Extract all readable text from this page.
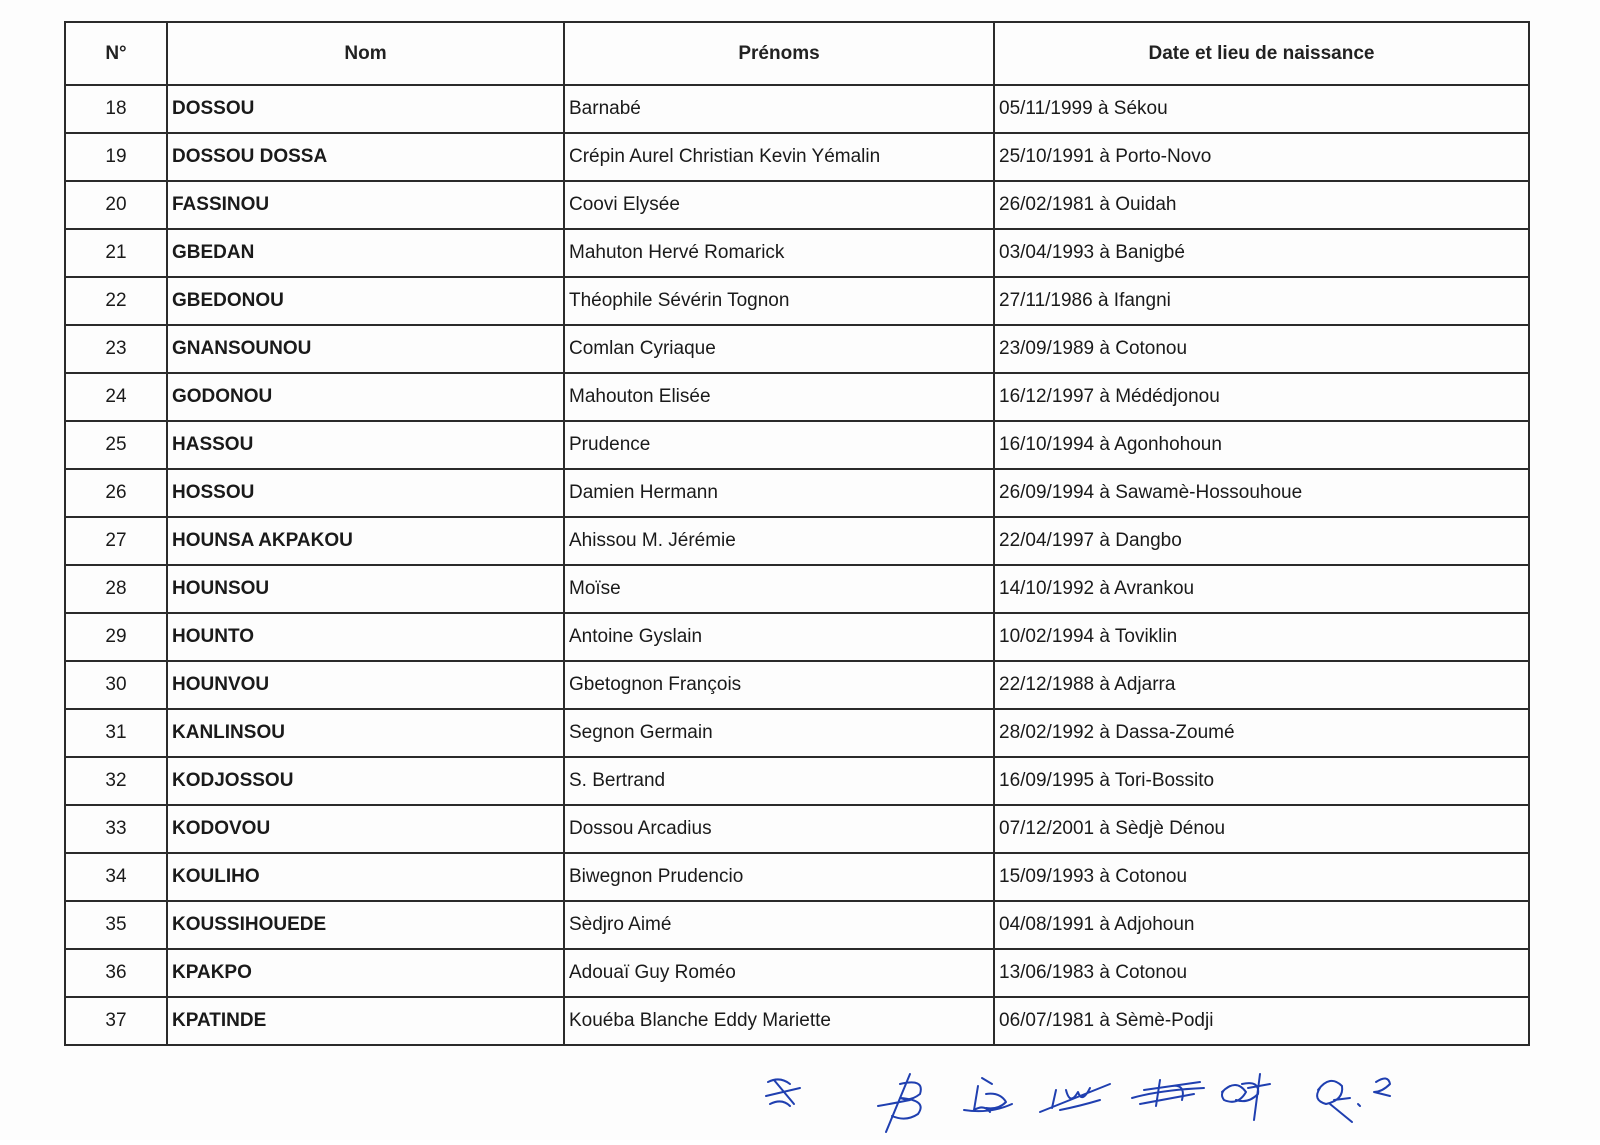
N°	Nom	Prénoms	Date et lieu de naissance
18	DOSSOU	Barnabé	05/11/1999 à Sékou
19	DOSSOU DOSSA	Crépin Aurel Christian Kevin Yémalin	25/10/1991 à Porto-Novo
20	FASSINOU	Coovi Elysée	26/02/1981 à Ouidah
21	GBEDAN	Mahuton Hervé Romarick	03/04/1993 à Banigbé
22	GBEDONOU	Théophile Sévérin Tognon	27/11/1986 à Ifangni
23	GNANSOUNOU	Comlan Cyriaque	23/09/1989 à Cotonou
24	GODONOU	Mahouton Elisée	16/12/1997 à Médédjonou
25	HASSOU	Prudence	16/10/1994 à Agonhohoun
26	HOSSOU	Damien Hermann	26/09/1994 à Sawamè-Hossouhoue
27	HOUNSA AKPAKOU	Ahissou M. Jérémie	22/04/1997 à Dangbo
28	HOUNSOU	Moïse	14/10/1992 à Avrankou
29	HOUNTO	Antoine Gyslain	10/02/1994 à Toviklin
30	HOUNVOU	Gbetognon François	22/12/1988 à Adjarra
31	KANLINSOU	Segnon Germain	28/02/1992 à Dassa-Zoumé
32	KODJOSSOU	S. Bertrand	16/09/1995 à Tori-Bossito
33	KODOVOU	Dossou Arcadius	07/12/2001 à Sèdjè Dénou
34	KOULIHO	Biwegnon Prudencio	15/09/1993 à Cotonou
35	KOUSSIHOUEDE	Sèdjro Aimé	04/08/1991 à Adjohoun
36	KPAKPO	Adouaï Guy Roméo	13/06/1983 à Cotonou
37	KPATINDE	Kouéba Blanche Eddy Mariette	06/07/1981 à Sèmè-Podji
